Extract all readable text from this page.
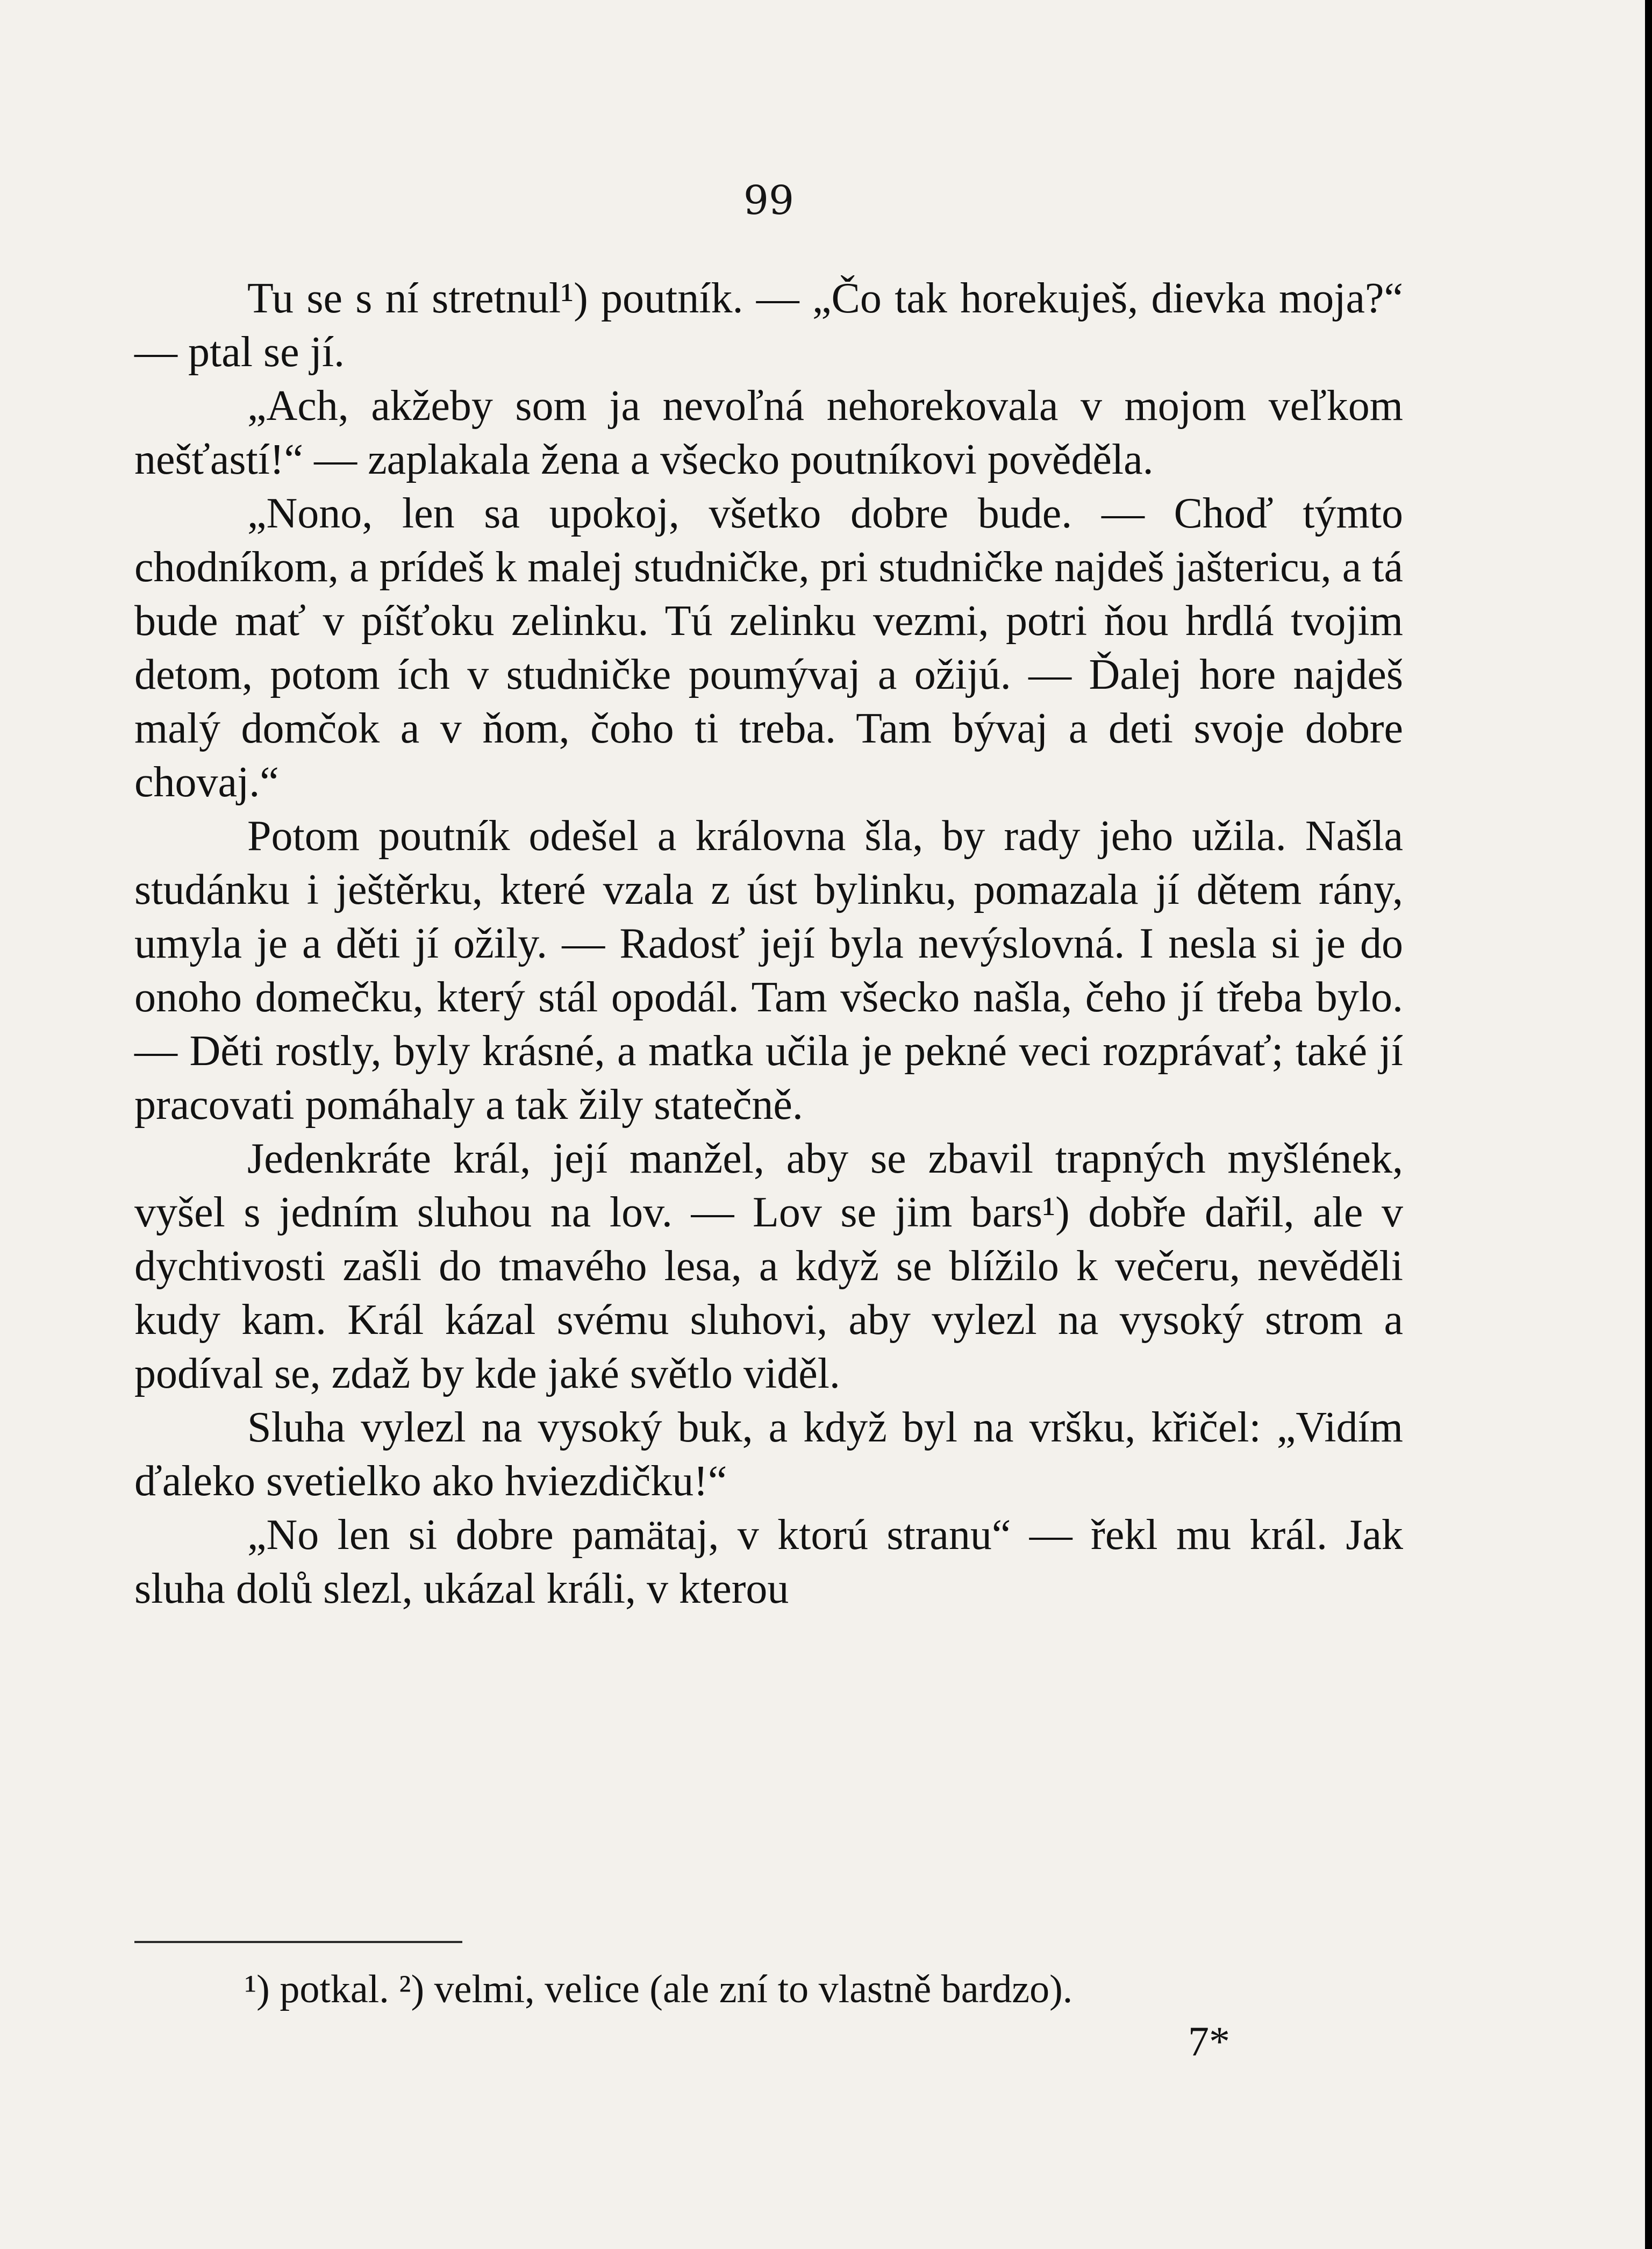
99

Tu se s ní stretnul¹) poutník. — „Čo tak horekuješ, dievka moja?“ — ptal se jí.

„Ach, akžeby som ja nevoľná nehorekovala v mojom veľkom nešťastí!“ — zaplakala žena a všecko poutníkovi pověděla.

„Nono, len sa upokoj, všetko dobre bude. — Choď týmto chodníkom, a prídeš k malej studničke, pri studničke najdeš jaštericu, a tá bude mať v píšťoku zelinku. Tú zelinku vezmi, potri ňou hrdlá tvojim detom, potom ích v studničke poumývaj a ožijú. — Ďalej hore najdeš malý domčok a v ňom, čoho ti treba. Tam bývaj a deti svoje dobre chovaj.“

Potom poutník odešel a královna šla, by rady jeho užila. Našla studánku i ještěrku, které vzala z úst bylinku, pomazala jí dětem rány, umyla je a děti jí ožily. — Radosť její byla nevýslovná. I nesla si je do onoho domečku, který stál opodál. Tam všecko našla, čeho jí třeba bylo. — Děti rostly, byly krásné, a matka učila je pekné veci rozprávať; také jí pracovati pomáhaly a tak žily statečně.

Jedenkráte král, její manžel, aby se zbavil trapných myšlének, vyšel s jedním sluhou na lov. — Lov se jim bars¹) dobře dařil, ale v dychtivosti zašli do tmavého lesa, a když se blížilo k večeru, nevěděli kudy kam. Král kázal svému sluhovi, aby vylezl na vysoký strom a podíval se, zdaž by kde jaké světlo viděl.

Sluha vylezl na vysoký buk, a když byl na vršku, křičel: „Vidím ďaleko svetielko ako hviezdičku!“

„No len si dobre pamätaj, v ktorú stranu“ — řekl mu král. Jak sluha dolů slezl, ukázal králi, v kterou

¹) potkal. ²) velmi, velice (ale zní to vlastně bardzo).
7*
